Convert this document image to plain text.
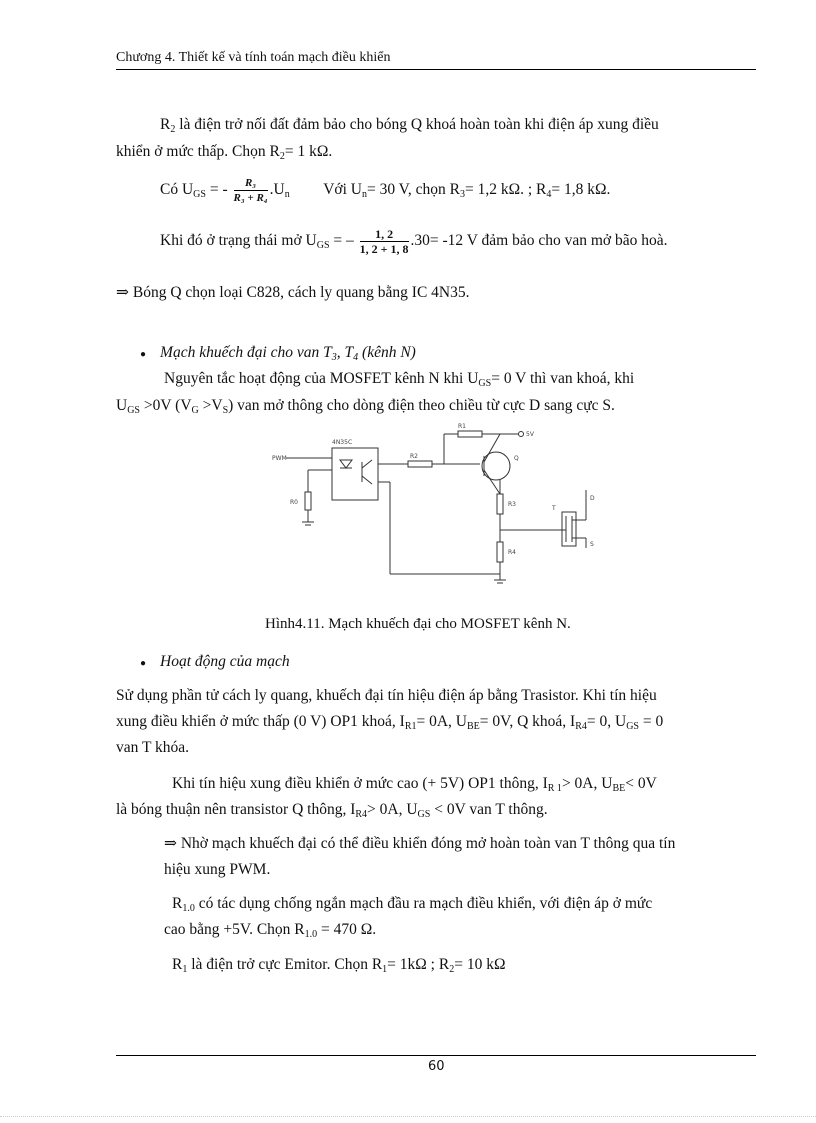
Chương 4. Thiết kế và tính toán mạch điều khiển
$R_2$ là điện trở nối đất đảm bảo cho bóng Q khoá hoàn toàn khi điện áp xung điều
khiển ở mức thấp. Chọn $R_2= 1$ kΩ.
Có $U_{GS}$ = - $\frac{\text{R₃}}{\text{R₃ + R₄}} .U_n$ Với $U_n= 30$ V, chọn $R_3= 1,2$ kΩ. ; $R_4= 1,8$ kΩ.
Khi đó ở trạng thái mở $U_{GS}$ = – $\frac{1, 2}{1, 2 + 1, 8} .30= -12$ V đảm bảo cho van mở bão hoà.
⇒ Bóng Q chọn loại C828, cách ly quang bằng IC 4N35.
● Mạch khuếch đại cho van $T_3$, $T_4$ (kênh N)
Nguyên tắc hoạt động của MOSFET kênh N khi $U_{GS}= 0$ V thì van khoá, khi
$U_{GS} >0V$ $(V_G >V_S)$ van mở thông cho dòng điện theo chiều từ cực D sang cực S.
4N35C
PWM
R1
R2
R3
R4
R0
Q
T
5V
D
S
Hình4.11. Mạch khuếch đại cho MOSFET kênh N.
● Hoạt động của mạch
Sử dụng phần tử cách ly quang, khuếch đại tín hiệu điện áp bằng Trasistor. Khi tín hiệu
xung điều khiển ở mức thấp (0 V) OP1 khoá, $I_{R1}= 0A$, $U_{BE}= 0V$, Q khoá, $I_{R4}= 0$, $U_{GS} = 0$
van T khóa.
Khi tín hiệu xung điều khiển ở mức cao (+ 5V) OP1 thông, $I_{R 1}> 0A$, $U_{BE}< 0V$
là bóng thuận nên transistor Q thông, $I_{R4}> 0A$, $U_{GS} < 0V$ van T thông.
⇒ Nhờ mạch khuếch đại có thể điều khiển đóng mở hoàn toàn van T thông qua tín
hiệu xung PWM.
$R_{1.0}$ có tác dụng chống ngắn mạch đầu ra mạch điều khiển, với điện áp ở mức
cao bằng +5V. Chọn $R_{1.0} = 470$ Ω.
$R_1$ là điện trở cực Emitor. Chọn $R_1= 1k\Omega$ ; $R_2= 10$ kΩ
60
